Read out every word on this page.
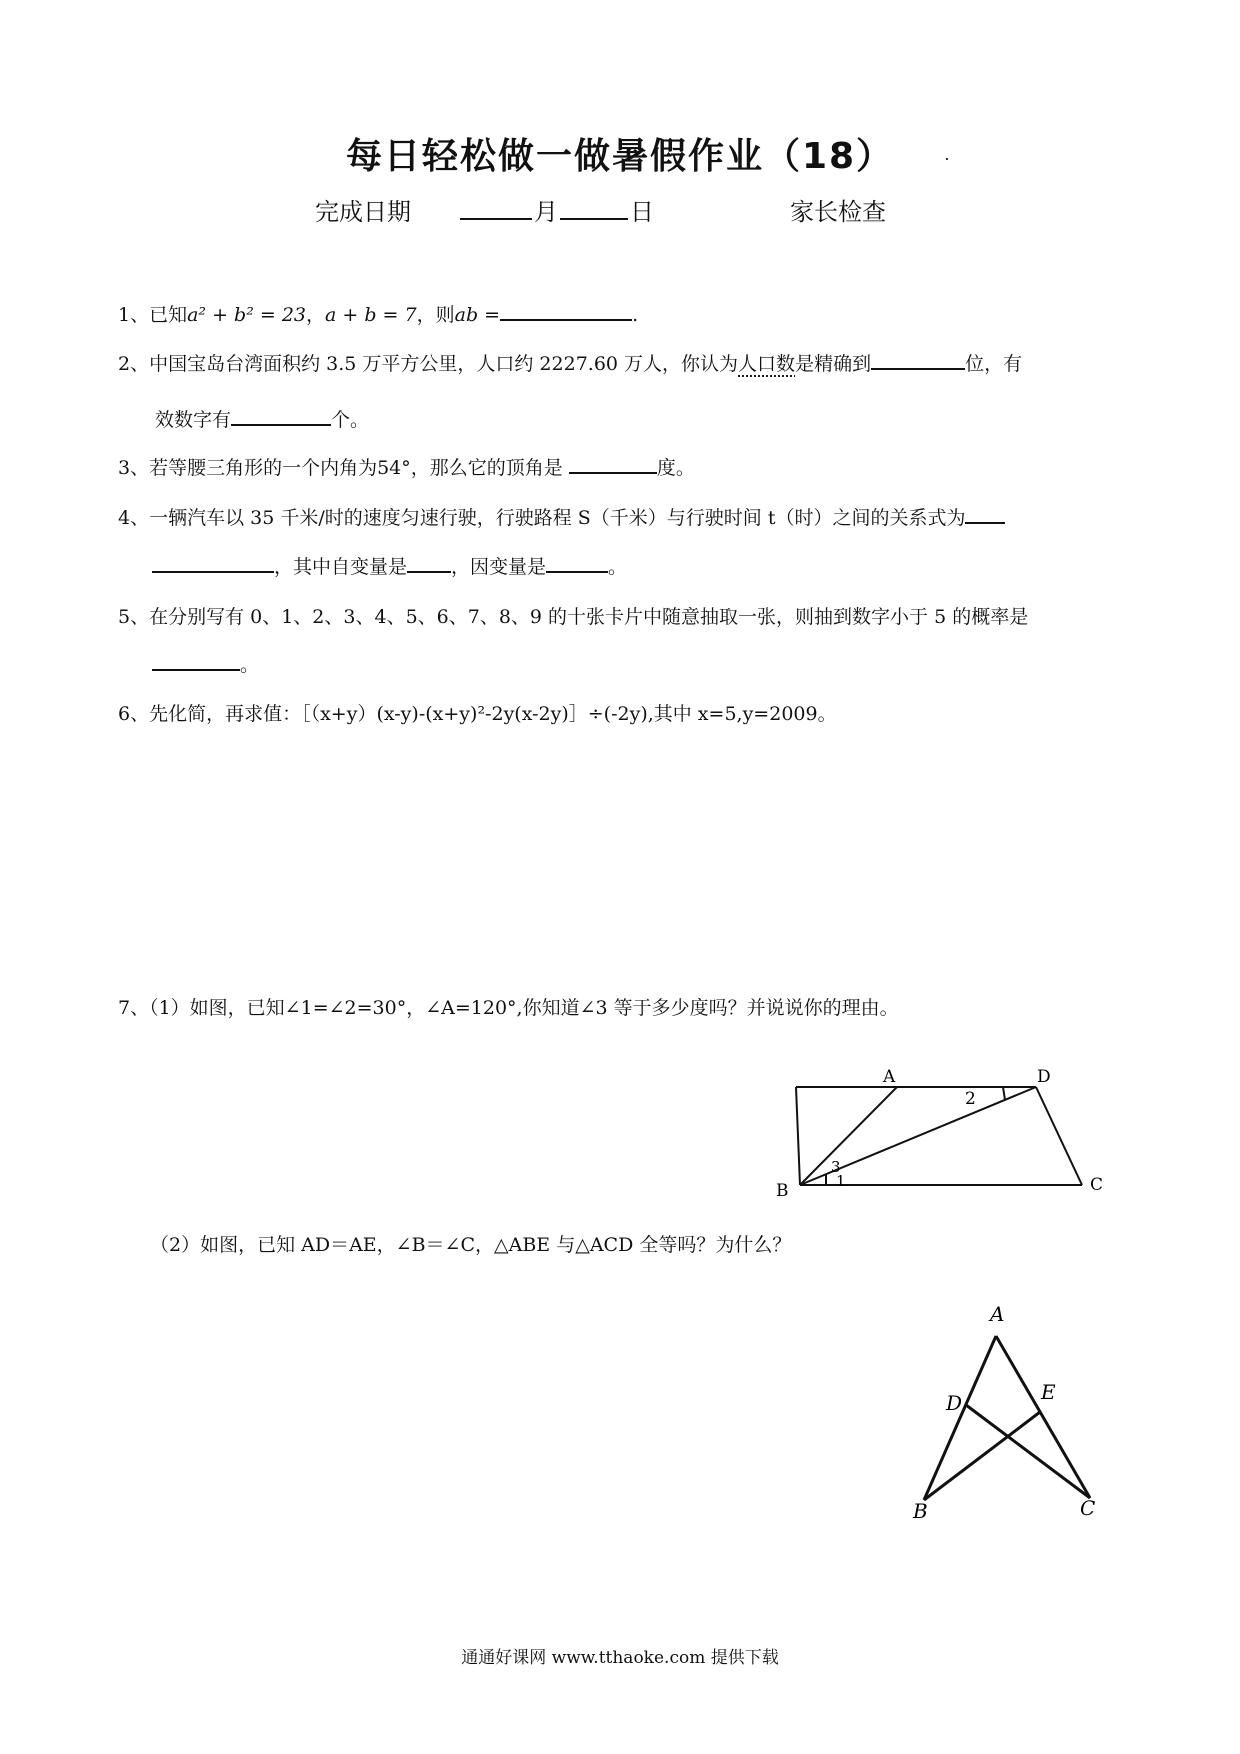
每日轻松做一做暑假作业（18）
完成日期	月	日	家长检查
1、已知a² + b² = 23，a + b = 7，则ab =	.
2、中国宝岛台湾面积约 3.5 万平方公里，人口约 2227.60 万人，你认为人口数是精确到	位，有
效数字有	个。
3、若等腰三角形的一个内角为54°，那么它的顶角是	度。
4、一辆汽车以 35 千米/时的速度匀速行驶，行驶路程 S（千米）与行驶时间 t（时）之间的关系式为
，其中自变量是 ，因变量是	。
5、在分别写有 0、1、2、3、4、5、6、7、8、9 的十张卡片中随意抽取一张，则抽到数字小于 5 的概率是
。
6、先化简，再求值：［（x+y）(x-y)-(x+y)²-2y(x-2y)］÷(-2y),其中 x=5,y=2009。
7、（1）如图，已知∠1=∠2=30°，∠A=120°,你知道∠3 等于多少度吗？并说说你的理由。
A	D
B	C
2
3
1
A
D	E
B	C
（2）如图，已知 AD＝AE，∠B＝∠C，△ABE 与△ACD 全等吗？为什么？
通通好课网 www.tthaoke.com 提供下载
